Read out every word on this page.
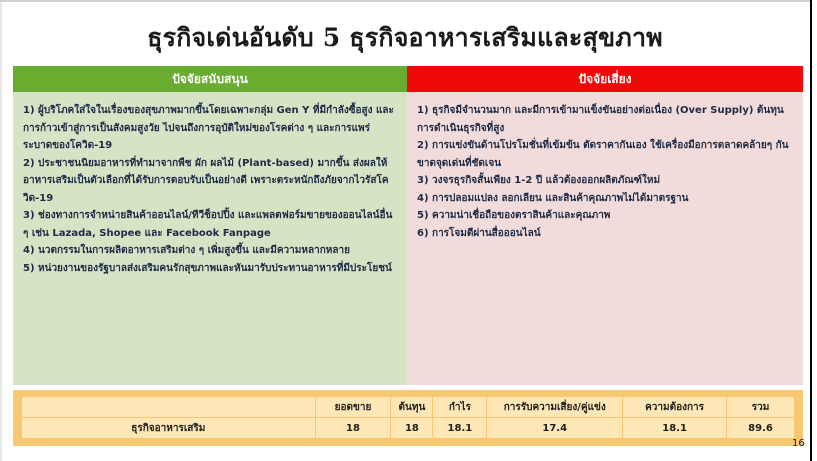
ธุรกิจเด่นอันดับ 5 ธุรกิจอาหารเสริมและสุขภาพ
ปัจจัยสนับสนุน
1) ผู้บริโภคใส่ใจในเรื่องของสุขภาพมากขึ้นโดยเฉพาะกลุ่ม Gen Y ที่มีกำลังซื้อสูง และการก้าวเข้าสู่การเป็นสังคมสูงวัย ไปจนถึงการอุบัติใหม่ของโรคต่าง ๆ และการแพร่ระบาดของโควิด-19
2) ประชาชนนิยมอาหารที่ทำมาจากพืช ผัก ผลไม้ (Plant-based) มากขึ้น ส่งผลให้อาหารเสริมเป็นตัวเลือกที่ได้รับการตอบรับเป็นอย่างดี เพราะตระหนักถึงภัยจากไวรัสโควิด-19
3) ช่องทางการจำหน่ายสินค้าออนไลน์/ทีวีช็อปปิ้ง และแพลตฟอร์มขายของออนไลน์อื่น ๆ เช่น Lazada, Shopee และ Facebook Fanpage
4) นวตกรรมในการผลิตอาหารเสริมต่าง ๆ เพิ่มสูงขึ้น และมีความหลากหลาย
5) หน่วยงานของรัฐบาลส่งเสริมคนรักสุขภาพและหันมารับประทานอาหารที่มีประโยชน์
ปัจจัยเสี่ยง
1) ธุรกิจมีจำนวนมาก และมีการเข้ามาแข็งขันอย่างต่อเนื่อง (Over Supply) ต้นทุนการดำเนินธุรกิจที่สูง
2) การแข่งขันด้านโปรโมชั่นที่เข้มข้น ตัดราคากันเอง ใช้เครื่องมือการตลาดคล้ายๆ กัน ขาดจุดเด่นที่ชัดเจน
3) วงจรธุรกิจสั้นเพียง 1-2 ปี แล้วต้องออกผลิตภัณฑ์ใหม่
4) การปลอมแปลง ลอกเลียน และสินค้าคุณภาพไม่ได้มาตรฐาน
5) ความน่าเชื่อถือของตราสินค้าและคุณภาพ
6) การโจมตีผ่านสื่อออนไลน์
	ยอดขาย	ต้นทุน	กำไร	การรับความเสี่ยง/คู่แข่ง	ความต้องการ	รวม
ธุรกิจอาหารเสริม	18	18	18.1	17.4	18.1	89.6
16
